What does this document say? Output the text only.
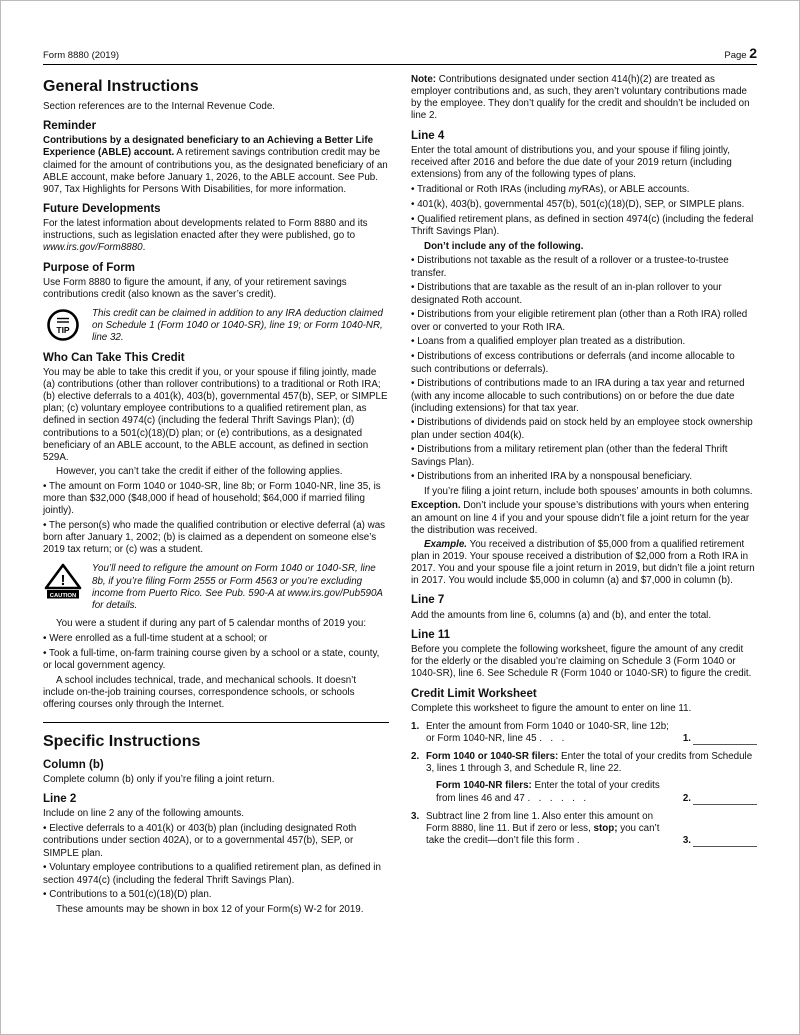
Form 8880 (2019)	Page 2
General Instructions

Section references are to the Internal Revenue Code.

Reminder

Contributions by a designated beneficiary to an Achieving a Better Life Experience (ABLE) account. A retirement savings contribution credit may be claimed for the amount of contributions you, as the designated beneficiary of an ABLE account, make before January 1, 2026, to the ABLE account. See Pub. 907, Tax Highlights for Persons With Disabilities, for more information.

Future Developments

For the latest information about developments related to Form 8880 and its instructions, such as legislation enacted after they were published, go to www.irs.gov/Form8880.

Purpose of Form

Use Form 8880 to figure the amount, if any, of your retirement savings contributions credit (also known as the saver’s credit).

TIP
This credit can be claimed in addition to any IRA deduction claimed on Schedule 1 (Form 1040 or 1040-SR), line 19; or Form 1040-NR, line 32.
Who Can Take This Credit

You may be able to take this credit if you, or your spouse if filing jointly, made (a) contributions (other than rollover contributions) to a traditional or Roth IRA; (b) elective deferrals to a 401(k), 403(b), governmental 457(b), SEP, or SIMPLE plan; (c) voluntary employee contributions to a qualified retirement plan, as defined in section 4974(c) (including the federal Thrift Savings Plan); (d) contributions to a 501(c)(18)(D) plan; or (e) contributions, as a designated beneficiary of an ABLE account, to the ABLE account, as defined in section 529A.

However, you can’t take the credit if either of the following applies.

• The amount on Form 1040 or 1040-SR, line 8b; or Form 1040-NR, line 35, is more than $32,000 ($48,000 if head of household; $64,000 if married filing jointly).

• The person(s) who made the qualified contribution or elective deferral (a) was born after January 1, 2002; (b) is claimed as a dependent on someone else’s 2019 tax return; or (c) was a student.

!
CAUTION
You’ll need to refigure the amount on Form 1040 or 1040-SR, line 8b, if you’re filing Form 2555 or Form 4563 or you’re excluding income from Puerto Rico. See Pub. 590-A at www.irs.gov/Pub590A for details.

You were a student if during any part of 5 calendar months of 2019 you:

• Were enrolled as a full-time student at a school; or

• Took a full-time, on-farm training course given by a school or a state, county, or local government agency.

A school includes technical, trade, and mechanical schools. It doesn’t include on-the-job training courses, correspondence schools, or schools offering courses only through the Internet.

Specific Instructions
Column (b)

Complete column (b) only if you’re filing a joint return.

Line 2

Include on line 2 any of the following amounts.

• Elective deferrals to a 401(k) or 403(b) plan (including designated Roth contributions under section 402A), or to a governmental 457(b), SEP, or SIMPLE plan.

• Voluntary employee contributions to a qualified retirement plan, as defined in section 4974(c) (including the federal Thrift Savings Plan).

• Contributions to a 501(c)(18)(D) plan.

These amounts may be shown in box 12 of your Form(s) W-2 for 2019.

Note: Contributions designated under section 414(h)(2) are treated as employer contributions and, as such, they aren’t voluntary contributions made by the employee. They don’t qualify for the credit and shouldn’t be included on line 2.

Line 4

Enter the total amount of distributions you, and your spouse if filing jointly, received after 2016 and before the due date of your 2019 return (including extensions) from any of the following types of plans.

• Traditional or Roth IRAs (including myRAs), or ABLE accounts.

• 401(k), 403(b), governmental 457(b), 501(c)(18)(D), SEP, or SIMPLE plans.

• Qualified retirement plans, as defined in section 4974(c) (including the federal Thrift Savings Plan).

Don’t include any of the following.

• Distributions not taxable as the result of a rollover or a trustee-to-trustee transfer.

• Distributions that are taxable as the result of an in-plan rollover to your designated Roth account.

• Distributions from your eligible retirement plan (other than a Roth IRA) rolled over or converted to your Roth IRA.

• Loans from a qualified employer plan treated as a distribution.

• Distributions of excess contributions or deferrals (and income allocable to such contributions or deferrals).

• Distributions of contributions made to an IRA during a tax year and returned (with any income allocable to such contributions) on or before the due date (including extensions) for that tax year.

• Distributions of dividends paid on stock held by an employee stock ownership plan under section 404(k).

• Distributions from a military retirement plan (other than the federal Thrift Savings Plan).

• Distributions from an inherited IRA by a nonspousal beneficiary.

If you’re filing a joint return, include both spouses’ amounts in both columns.

Exception. Don’t include your spouse’s distributions with yours when entering an amount on line 4 if you and your spouse didn’t file a joint return for the year the distribution was received.

Example. You received a distribution of $5,000 from a qualified retirement plan in 2019. Your spouse received a distribution of $2,000 from a Roth IRA in 2017. You and your spouse file a joint return in 2019, but didn’t file a joint return in 2017. You would include $5,000 in column (a) and $7,000 in column (b).

Line 7

Add the amounts from line 6, columns (a) and (b), and enter the total.

Line 11

Before you complete the following worksheet, figure the amount of any credit for the elderly or the disabled you’re claiming on Schedule 3 (Form 1040 or 1040-SR), line 6. See Schedule R (Form 1040 or 1040-SR) to figure the credit.

Credit Limit Worksheet

Complete this worksheet to figure the amount to enter on line 11.

1. Enter the amount from Form 1040 or 1040-SR, line 12b; or Form 1040-NR, line 45 .  .  .	1.
2. Form 1040 or 1040-SR filers: Enter the total of your credits from Schedule 3, lines 1 through 3, and Schedule R, line 22.
Form 1040-NR filers: Enter the total of your credits from lines 46 and 47 .  .  .  .  .  .	2.
3. Subtract line 2 from line 1. Also enter this amount on Form 8880, line 11. But if zero or less, stop; you can’t take the credit—don’t file this form .	3.
